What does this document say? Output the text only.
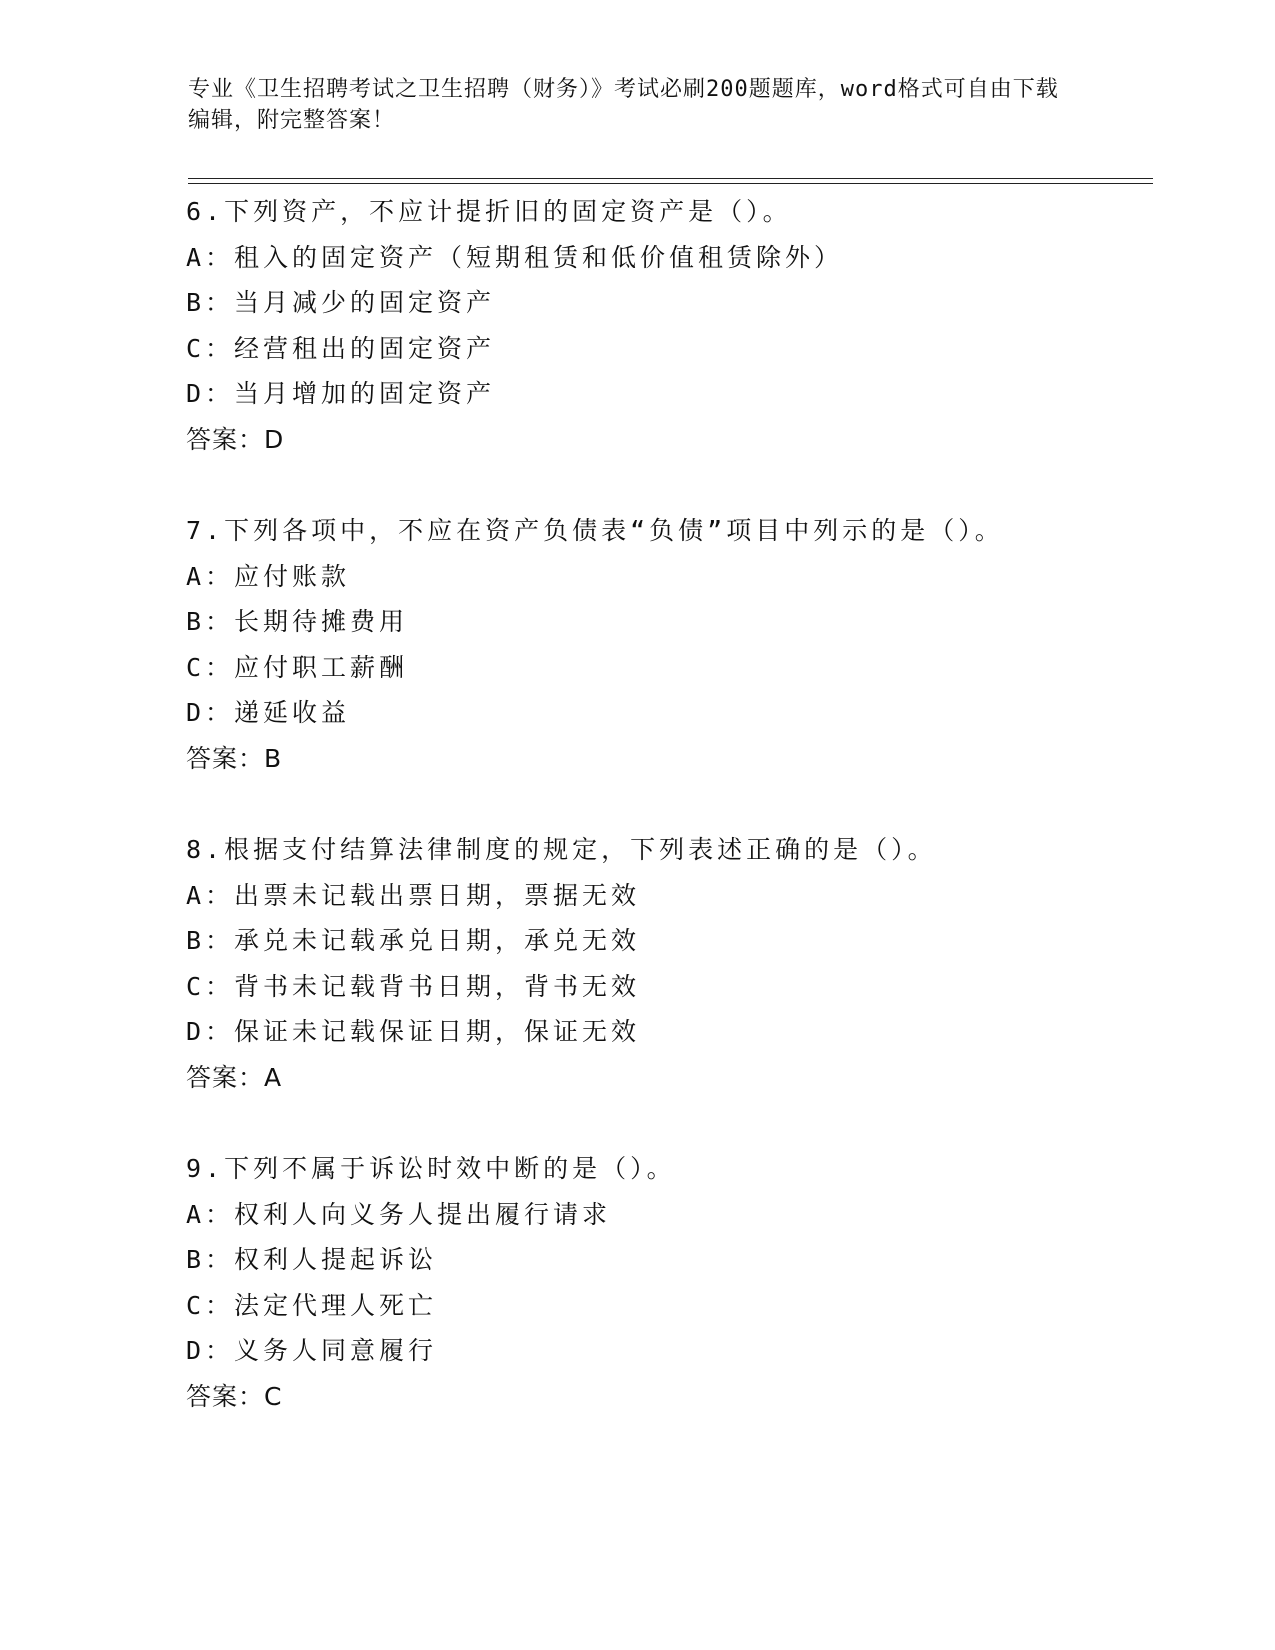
专业《卫生招聘考试之卫生招聘（财务）》考试必刷200题题库，word格式可自由下载编辑，附完整答案！
6.下列资产，不应计提折旧的固定资产是（）。
A：租入的固定资产（短期租赁和低价值租赁除外）
B：当月减少的固定资产
C：经营租出的固定资产
D：当月增加的固定资产
答案：D
7.下列各项中，不应在资产负债表“负债”项目中列示的是（）。
A：应付账款
B：长期待摊费用
C：应付职工薪酬
D：递延收益
答案：B
8.根据支付结算法律制度的规定，下列表述正确的是（）。
A：出票未记载出票日期，票据无效
B：承兑未记载承兑日期，承兑无效
C：背书未记载背书日期，背书无效
D：保证未记载保证日期，保证无效
答案：A
9.下列不属于诉讼时效中断的是（）。
A：权利人向义务人提出履行请求
B：权利人提起诉讼
C：法定代理人死亡
D：义务人同意履行
答案：C
